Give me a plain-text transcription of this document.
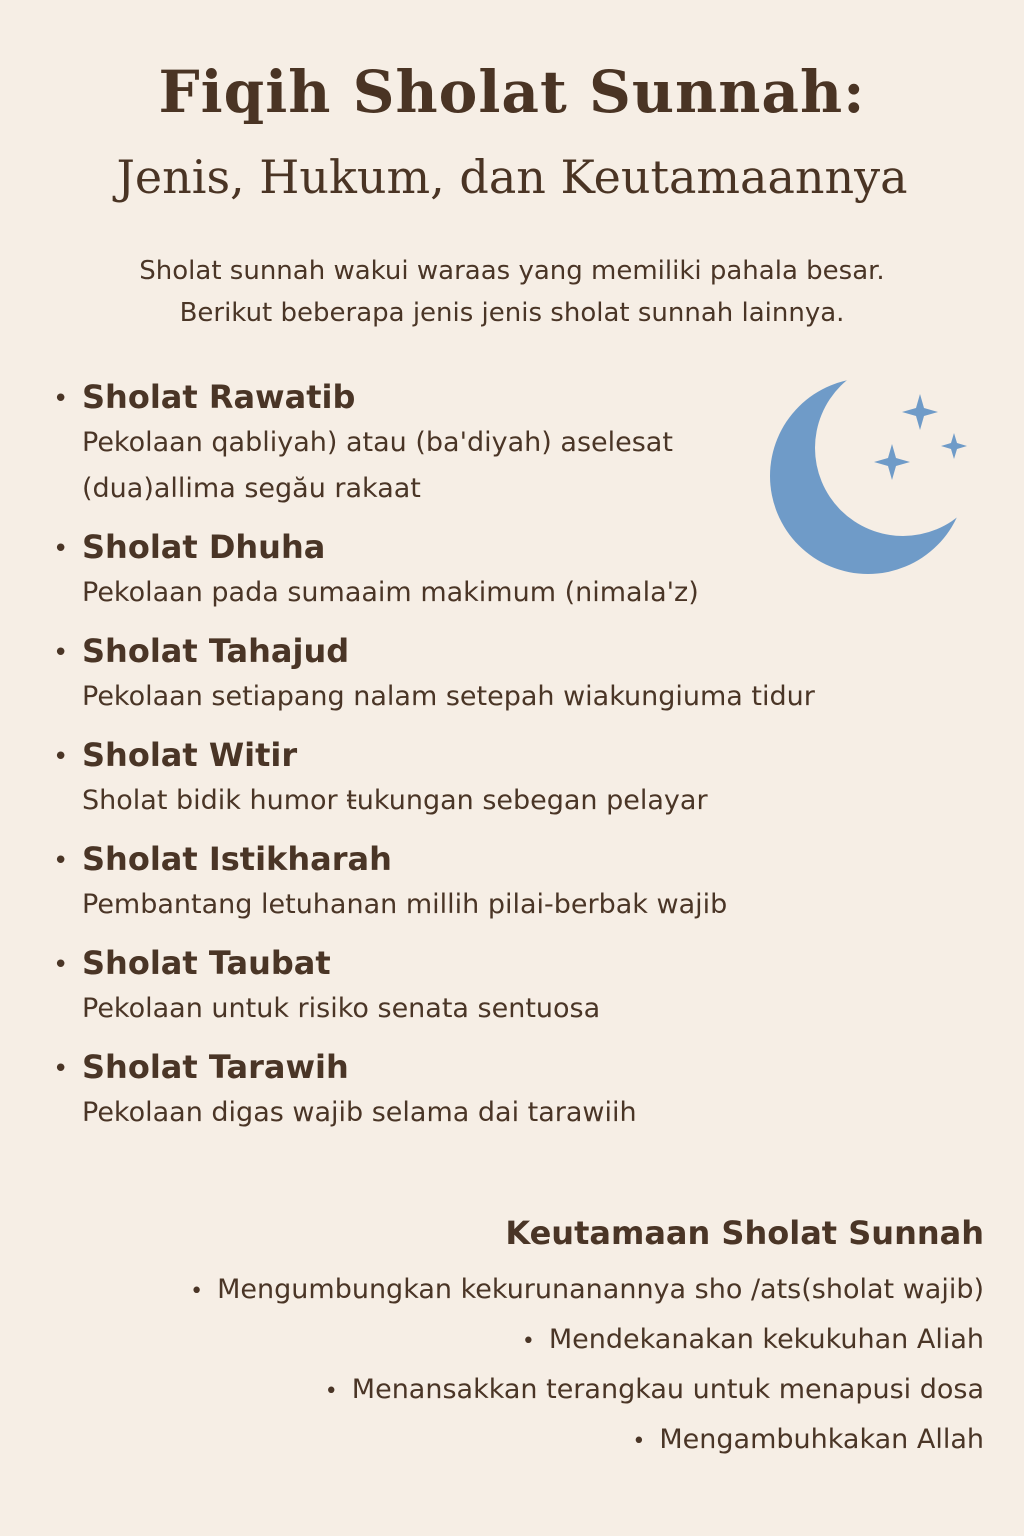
Fiqih Sholat Sunnah:
Jenis, Hukum, dan Keutamaannya

Sholat sunnah wakui waraas yang memiliki pahala besar.

Berikut beberapa jenis jenis sholat sunnah lainnya.

• Sholat Rawatib
Pekolaan qabliyah) atau (ba'diyah) aselesat (dua)allima segău rakaat
• Sholat Dhuha
Pekolaan pada sumaaim makimum (nimala'z)
• Sholat Tahajud
Pekolaan setiapang nalam setepah wiakungiuma tidur
• Sholat Witir
Sholat bidik humor ŧukungan sebegan pelayar
• Sholat Istikharah
Pembantang letuhanan millih pilai-berbak wajib
• Sholat Taubat
Pekolaan untuk risiko senata sentuosa
• Sholat Tarawih
Pekolaan digas wajib selama dai tarawiih
Keutamaan Sholat Sunnah
• Mengumbungkan kekurunanannya sho /ats(sholat wajib)
• Mendekanakan kekukuhan Aliah
• Menansakkan terangkau untuk menapusi dosa
• Mengambuhkakan Allah
